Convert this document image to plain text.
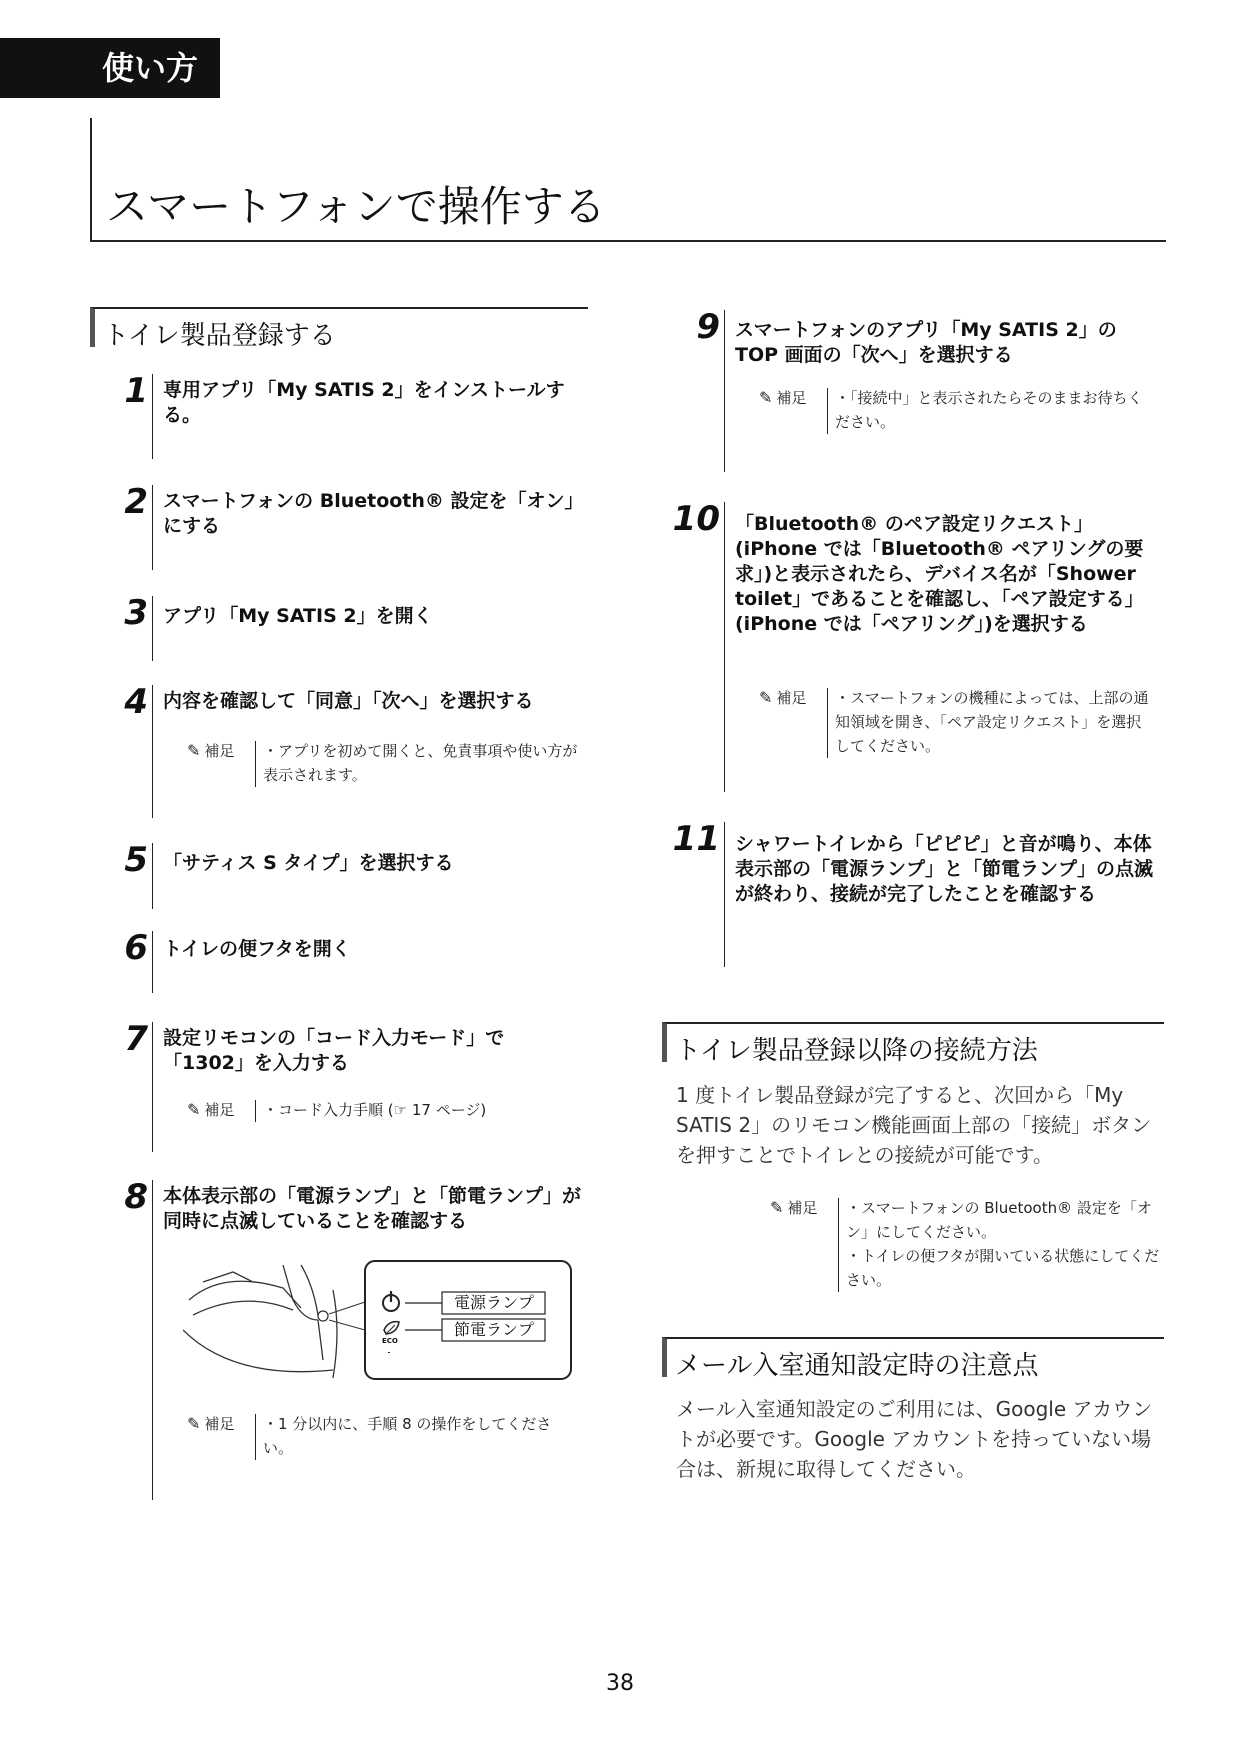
使い方
スマートフォンで操作する
トイレ製品登録する
1 専用アプリ「My SATIS 2」をインストールする。
2 スマートフォンの Bluetooth® 設定を「オン」にする
3 アプリ「My SATIS 2」を開く
4 内容を確認して「同意」「次へ」を選択する
✎ 補足 ・アプリを初めて開くと、免責事項や使い方が表示されます。

5 「サティス S タイプ」を選択する
6 トイレの便フタを開く
7 設定リモコンの「コード入力モード」で「1302」を入力する
✎ 補足 ・コード入力手順 (☞ 17 ページ)

8 本体表示部の「電源ランプ」と「節電ランプ」が同時に点滅していることを確認する
ECO
電源ランプ
節電ランプ
✎ 補足 ・1 分以内に、手順 8 の操作をしてください。

9 スマートフォンのアプリ「My SATIS 2」の TOP 画面の「次へ」を選択する
✎ 補足 ・「接続中」と表示されたらそのままお待ちください。

10 「Bluetooth® のペア設定リクエスト」(iPhone では「Bluetooth® ペアリングの要求」)と表示されたら、デバイス名が「Shower toilet」であることを確認し、「ペア設定する」(iPhone では「ペアリング」)を選択する
✎ 補足 ・スマートフォンの機種によっては、上部の通知領域を開き、「ペア設定リクエスト」を選択してください。

11 シャワートイレから「ピピピ」と音が鳴り、本体表示部の「電源ランプ」と「節電ランプ」の点滅が終わり、接続が完了したことを確認する
トイレ製品登録以降の接続方法
1 度トイレ製品登録が完了すると、次回から「My SATIS 2」のリモコン機能画面上部の「接続」ボタンを押すことでトイレとの接続が可能です。
✎ 補足 ・スマートフォンの Bluetooth® 設定を「オン」にしてください。

・トイレの便フタが開いている状態にしてください。

メール入室通知設定時の注意点
メール入室通知設定のご利用には、Google アカウントが必要です。Google アカウントを持っていない場合は、新規に取得してください。
38
